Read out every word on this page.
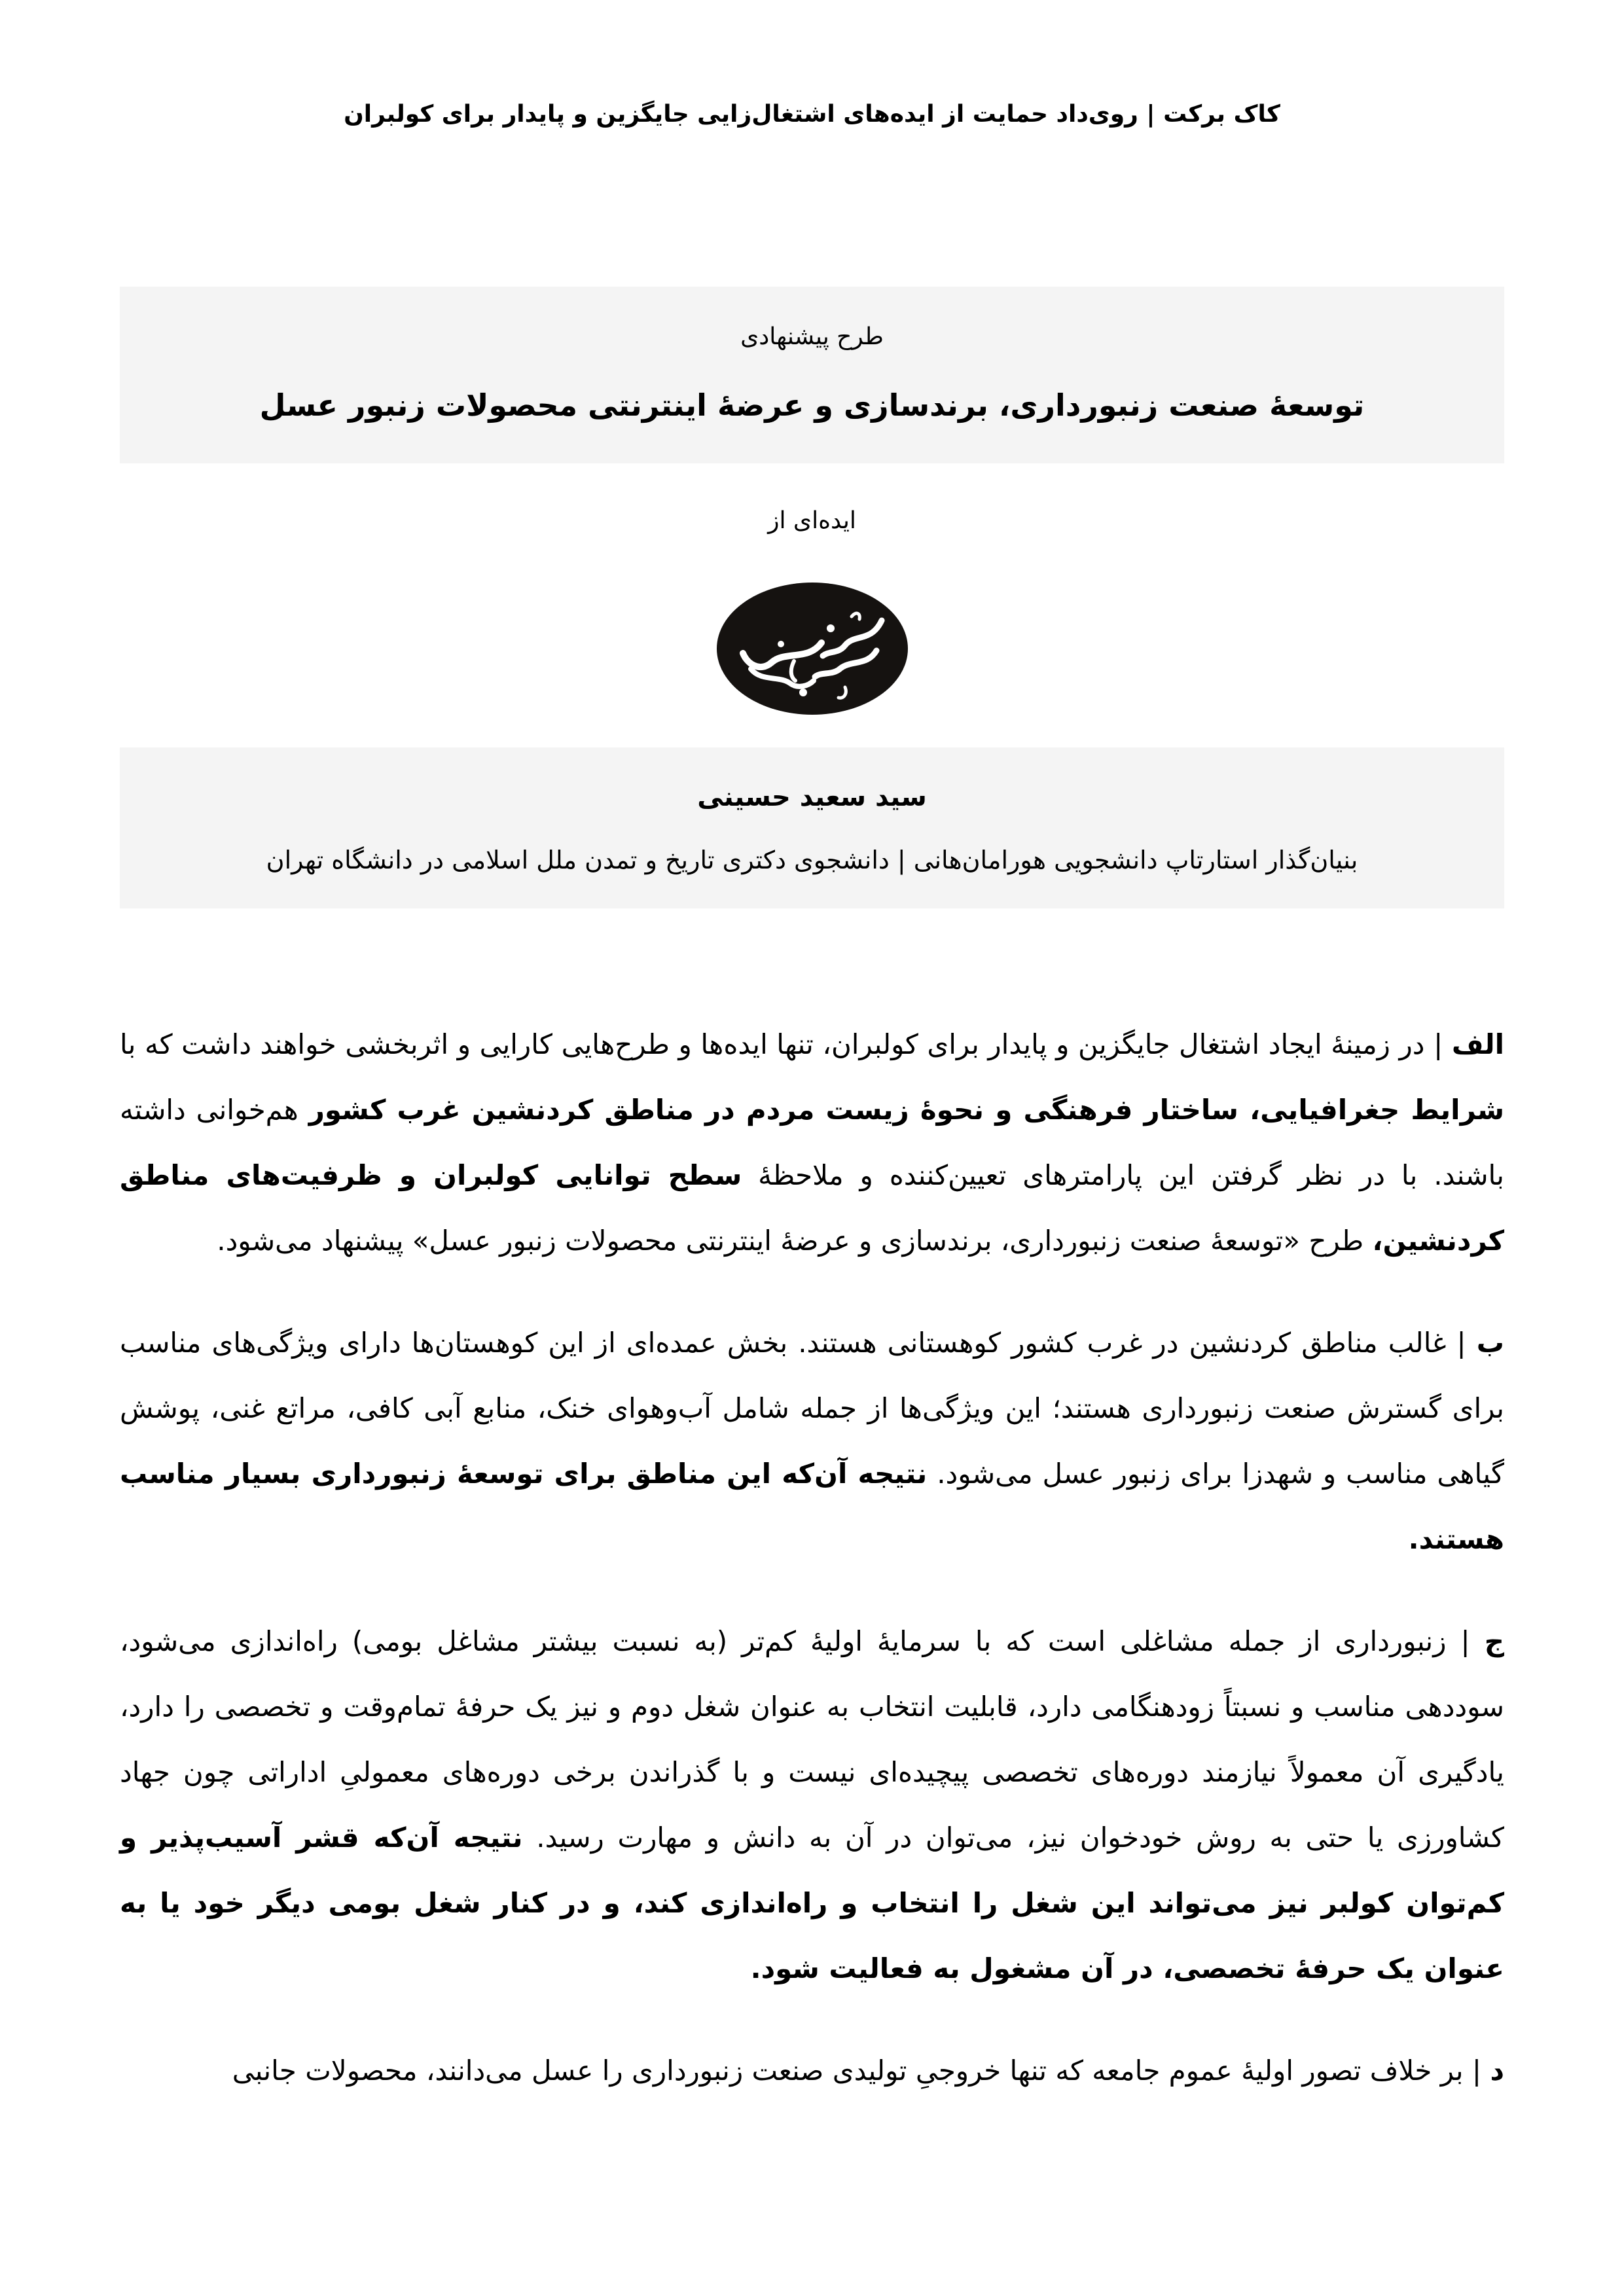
کاک برکت | روی‌داد حمایت از ایده‌های اشتغال‌زایی جایگزین و پایدار برای کولبران
طرح پیشنهادی
توسعهٔ صنعت زنبورداری، برندسازی و عرضهٔ اینترنتی محصولات زنبور عسل
ایده‌ای از
سید سعید حسینی
بنیان‌گذار استارتاپ دانشجویی هورامان‌هانی | دانشجوی دکتری تاریخ و تمدن ملل اسلامی در دانشگاه تهران

الف | در زمینهٔ ایجاد اشتغال جایگزین و پایدار برای کولبران، تنها ایده‌ها و طرح‌هایی کارایی و اثربخشی خواهند داشت که با شرایط جغرافیایی، ساختار فرهنگی و نحوهٔ زیست مردم در مناطق کردنشین غرب کشور هم‌خوانی داشته باشند. با در نظر گرفتن این پارامترهای تعیین‌کننده و ملاحظهٔ سطح توانایی کولبران و ظرفیت‌های مناطق کردنشین، طرح «توسعهٔ صنعت زنبورداری، برندسازی و عرضهٔ اینترنتی محصولات زنبور عسل» پیشنهاد می‌شود.

ب | غالب مناطق کردنشین در غرب کشور کوهستانی هستند. بخش عمده‌ای از این کوهستان‌ها دارای ویژگی‌های مناسب برای گسترش صنعت زنبورداری هستند؛ این ویژگی‌ها از جمله شامل آب‌وهوای خنک، منابع آبی کافی، مراتع غنی، پوشش گیاهی مناسب و شهدزا برای زنبور عسل می‌شود. نتیجه آن‌که این مناطق برای توسعهٔ زنبورداری بسیار مناسب هستند.

ج | زنبورداری از جمله مشاغلی است که با سرمایهٔ اولیهٔ کم‌تر (به نسبت بیشتر مشاغل بومی) راه‌اندازی می‌شود، سوددهی مناسب و نسبتاً زودهنگامی دارد، قابلیت انتخاب به عنوان شغل دوم و نیز یک حرفهٔ تمام‌وقت و تخصصی را دارد، یادگیری آن معمولاً نیازمند دوره‌های تخصصی پیچیده‌ای نیست و با گذراندن برخی دوره‌های معمولیِ اداراتی چون جهاد کشاورزی یا حتی به روش خودخوان نیز، می‌توان در آن به دانش و مهارت رسید. نتیجه آن‌که قشر آسیب‌پذیر و کم‌توان کولبر نیز می‌تواند این شغل را انتخاب و راه‌اندازی کند، و در کنار شغل بومی دیگر خود یا به عنوان یک حرفهٔ تخصصی، در آن مشغول به فعالیت شود.

د | بر خلاف تصور اولیهٔ عموم جامعه که تنها خروجیِ تولیدی صنعت زنبورداری را عسل می‌دانند، محصولات جانبی
